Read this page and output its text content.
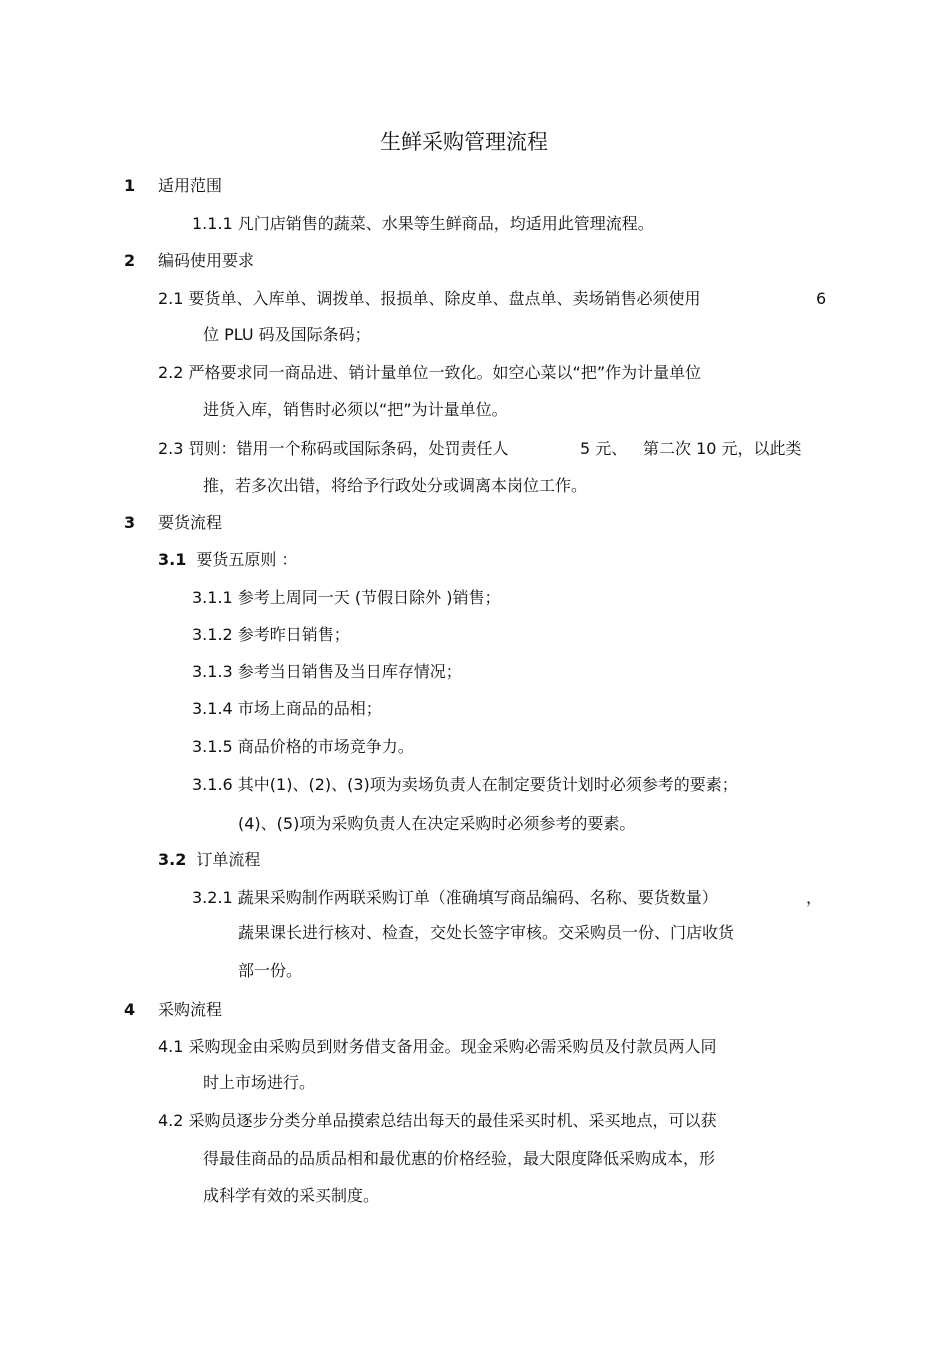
生鲜采购管理流程
1 适用范围
1.1.1 凡门店销售的蔬菜、水果等生鲜商品，均适用此管理流程。
2 编码使用要求
2.1 要货单、入库单、调拨单、报损单、除皮单、盘点单、卖场销售必须使用	6
位 PLU 码及国际条码；
2.2 严格要求同一商品进、销计量单位一致化。如空心菜以“把”作为计量单位
进货入库，销售时必须以“把”为计量单位。
2.3 罚则：错用一个称码或国际条码，处罚责任人	5 元、 第二次 10 元，以此类
推，若多次出错，将给予行政处分或调离本岗位工作。
3 要货流程
3.1 要货五原则 ：
3.1.1 参考上周同一天 (节假日除外 )销售；
3.1.2 参考昨日销售；
3.1.3 参考当日销售及当日库存情况；
3.1.4 市场上商品的品相；
3.1.5 商品价格的市场竞争力。
3.1.6 其中(1)、(2)、(3)项为卖场负责人在制定要货计划时必须参考的要素；
(4)、(5)项为采购负责人在决定采购时必须参考的要素。
3.2 订单流程
3.2.1 蔬果采购制作两联采购订单（准确填写商品编码、名称、要货数量）	，
蔬果课长进行核对、检查，交处长签字审核。交采购员一份、门店收货
部一份。
4 采购流程
4.1 采购现金由采购员到财务借支备用金。现金采购必需采购员及付款员两人同
时上市场进行。
4.2 采购员逐步分类分单品摸索总结出每天的最佳采买时机、采买地点，可以获
得最佳商品的品质品相和最优惠的价格经验，最大限度降低采购成本，形
成科学有效的采买制度。
